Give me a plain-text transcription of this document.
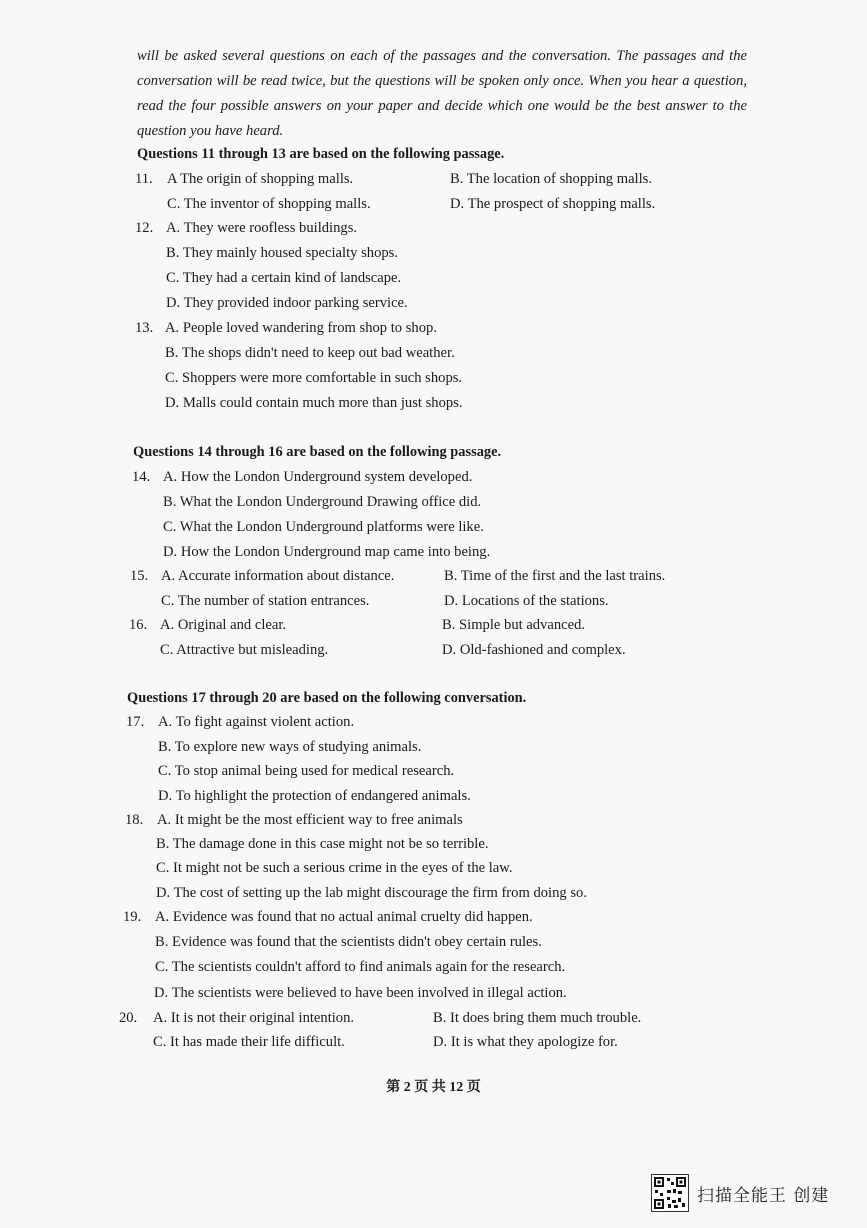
will be asked several questions on each of the passages and the conversation. The passages and the conversation will be read twice, but the questions will be spoken only once. When you hear a question, read the four possible answers on your paper and decide which one would be the best answer to the question you have heard.
Questions 11 through 13 are based on the following passage.
11. A The origin of shopping malls.	B. The location of shopping malls.
C. The inventor of shopping malls.	D. The prospect of shopping malls.
12. A. They were roofless buildings.
B. They mainly housed specialty shops.
C. They had a certain kind of landscape.
D. They provided indoor parking service.
13. A. People loved wandering from shop to shop.
B. The shops didn't need to keep out bad weather.
C. Shoppers were more comfortable in such shops.
D. Malls could contain much more than just shops.
Questions 14 through 16 are based on the following passage.
14. A. How the London Underground system developed.
B. What the London Underground Drawing office did.
C. What the London Underground platforms were like.
D. How the London Underground map came into being.
15. A. Accurate information about distance.	B. Time of the first and the last trains.
C. The number of station entrances.	D. Locations of the stations.
16. A. Original and clear.	B. Simple but advanced.
C. Attractive but misleading.	D. Old-fashioned and complex.
Questions 17 through 20 are based on the following conversation.
17. A. To fight against violent action.
B. To explore new ways of studying animals.
C. To stop animal being used for medical research.
D. To highlight the protection of endangered animals.
18. A. It might be the most efficient way to free animals
B. The damage done in this case might not be so terrible.
C. It might not be such a serious crime in the eyes of the law.
D. The cost of setting up the lab might discourage the firm from doing so.
19. A. Evidence was found that no actual animal cruelty did happen.
B. Evidence was found that the scientists didn't obey certain rules.
C. The scientists couldn't afford to find animals again for the research.
D. The scientists were believed to have been involved in illegal action.
20. A. It is not their original intention.	B. It does bring them much trouble.
C. It has made their life difficult.	D. It is what they apologize for.
第 2 页 共 12 页
扫描全能王 创建
